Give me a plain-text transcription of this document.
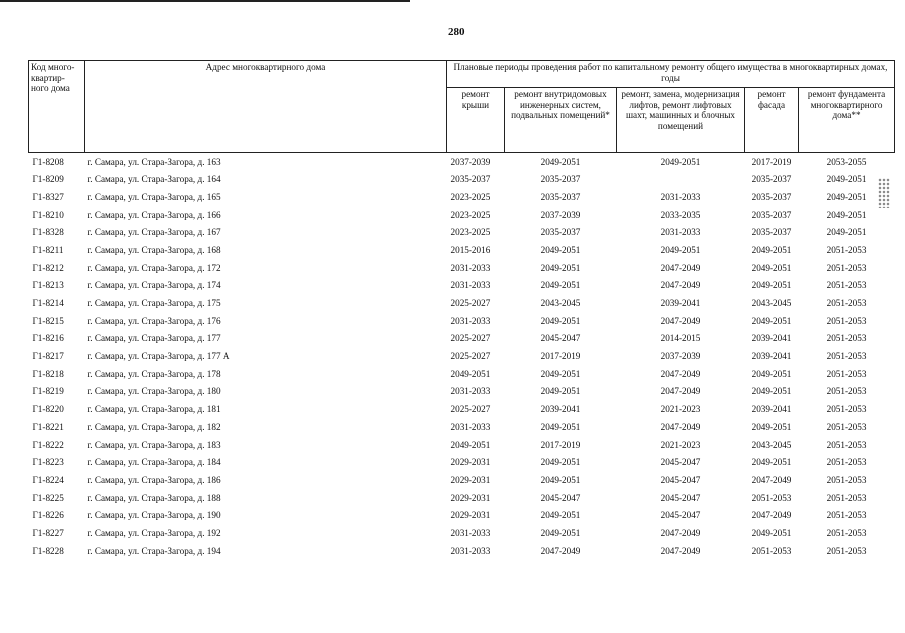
280
Код много-квартир-ного дома	Адрес многоквартирного дома	Плановые периоды проведения работ по капитальному ремонту общего имущества в многоквартирных домах, годы				
		ремонт крыши	ремонт внутридомовых инженерных систем, подвальных помещений*	ремонт, замена, модернизация лифтов, ремонт лифтовых шахт, машинных и блочных помещений	ремонт фасада	ремонт фундамента многоквартирного дома**
Г1-8208	г. Самара, ул. Стара-Загора, д. 163	2037-2039	2049-2051	2049-2051	2017-2019	2053-2055
Г1-8209	г. Самара, ул. Стара-Загора, д. 164	2035-2037	2035-2037		2035-2037	2049-2051
Г1-8327	г. Самара, ул. Стара-Загора, д. 165	2023-2025	2035-2037	2031-2033	2035-2037	2049-2051
Г1-8210	г. Самара, ул. Стара-Загора, д. 166	2023-2025	2037-2039	2033-2035	2035-2037	2049-2051
Г1-8328	г. Самара, ул. Стара-Загора, д. 167	2023-2025	2035-2037	2031-2033	2035-2037	2049-2051
Г1-8211	г. Самара, ул. Стара-Загора, д. 168	2015-2016	2049-2051	2049-2051	2049-2051	2051-2053
Г1-8212	г. Самара, ул. Стара-Загора, д. 172	2031-2033	2049-2051	2047-2049	2049-2051	2051-2053
Г1-8213	г. Самара, ул. Стара-Загора, д. 174	2031-2033	2049-2051	2047-2049	2049-2051	2051-2053
Г1-8214	г. Самара, ул. Стара-Загора, д. 175	2025-2027	2043-2045	2039-2041	2043-2045	2051-2053
Г1-8215	г. Самара, ул. Стара-Загора, д. 176	2031-2033	2049-2051	2047-2049	2049-2051	2051-2053
Г1-8216	г. Самара, ул. Стара-Загора, д. 177	2025-2027	2045-2047	2014-2015	2039-2041	2051-2053
Г1-8217	г. Самара, ул. Стара-Загора, д. 177 А	2025-2027	2017-2019	2037-2039	2039-2041	2051-2053
Г1-8218	г. Самара, ул. Стара-Загора, д. 178	2049-2051	2049-2051	2047-2049	2049-2051	2051-2053
Г1-8219	г. Самара, ул. Стара-Загора, д. 180	2031-2033	2049-2051	2047-2049	2049-2051	2051-2053
Г1-8220	г. Самара, ул. Стара-Загора, д. 181	2025-2027	2039-2041	2021-2023	2039-2041	2051-2053
Г1-8221	г. Самара, ул. Стара-Загора, д. 182	2031-2033	2049-2051	2047-2049	2049-2051	2051-2053
Г1-8222	г. Самара, ул. Стара-Загора, д. 183	2049-2051	2017-2019	2021-2023	2043-2045	2051-2053
Г1-8223	г. Самара, ул. Стара-Загора, д. 184	2029-2031	2049-2051	2045-2047	2049-2051	2051-2053
Г1-8224	г. Самара, ул. Стара-Загора, д. 186	2029-2031	2049-2051	2045-2047	2047-2049	2051-2053
Г1-8225	г. Самара, ул. Стара-Загора, д. 188	2029-2031	2045-2047	2045-2047	2051-2053	2051-2053
Г1-8226	г. Самара, ул. Стара-Загора, д. 190	2029-2031	2049-2051	2045-2047	2047-2049	2051-2053
Г1-8227	г. Самара, ул. Стара-Загора, д. 192	2031-2033	2049-2051	2047-2049	2049-2051	2051-2053
Г1-8228	г. Самара, ул. Стара-Загора, д. 194	2031-2033	2047-2049	2047-2049	2051-2053	2051-2053
